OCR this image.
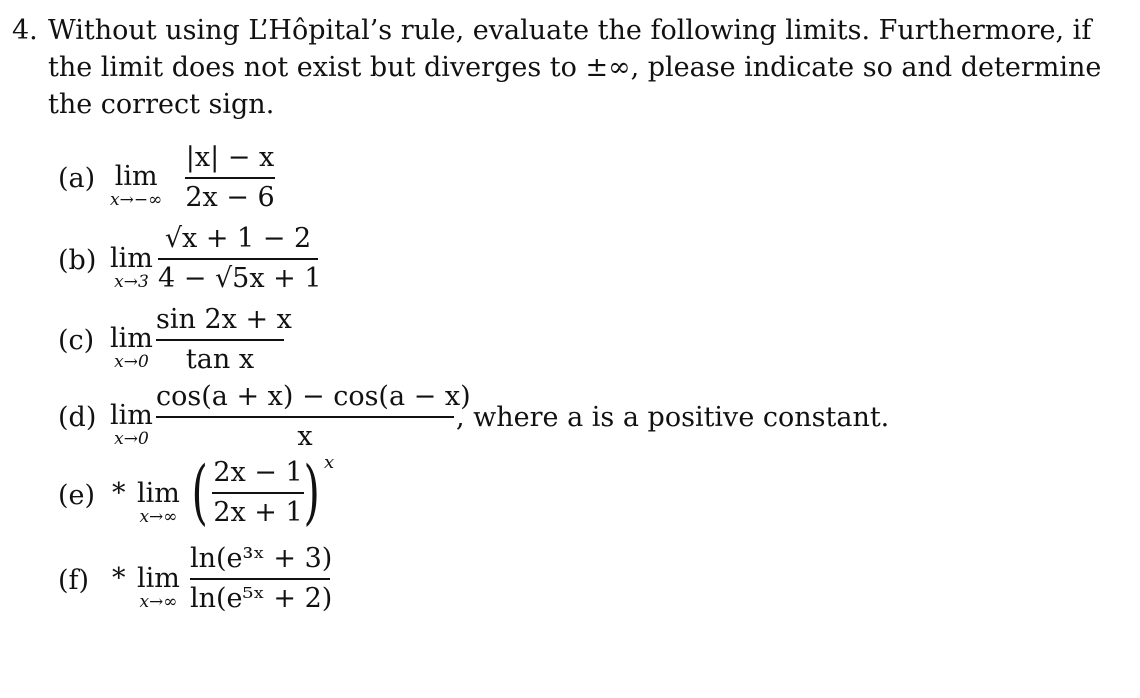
4. Without using L’Hôpital’s rule, evaluate the following limits. Furthermore, if the limit does not exist but diverges to ±∞, please indicate so and determine the correct sign.
(a) lim
x→−∞
|x| − x
2x − 6
(b) lim
x→3
√x + 1 − 2
4 − √5x + 1
(c) lim
x→0
sin 2x + x
tan x
(d) lim
x→0
cos(a + x) − cos(a − x)
x
, where a is a positive constant.
(e) * lim
x→∞ ( 2x − 1
2x + 1 ) x
(f) * lim
x→∞
ln(e³ˣ + 3)
ln(e⁵ˣ + 2)
